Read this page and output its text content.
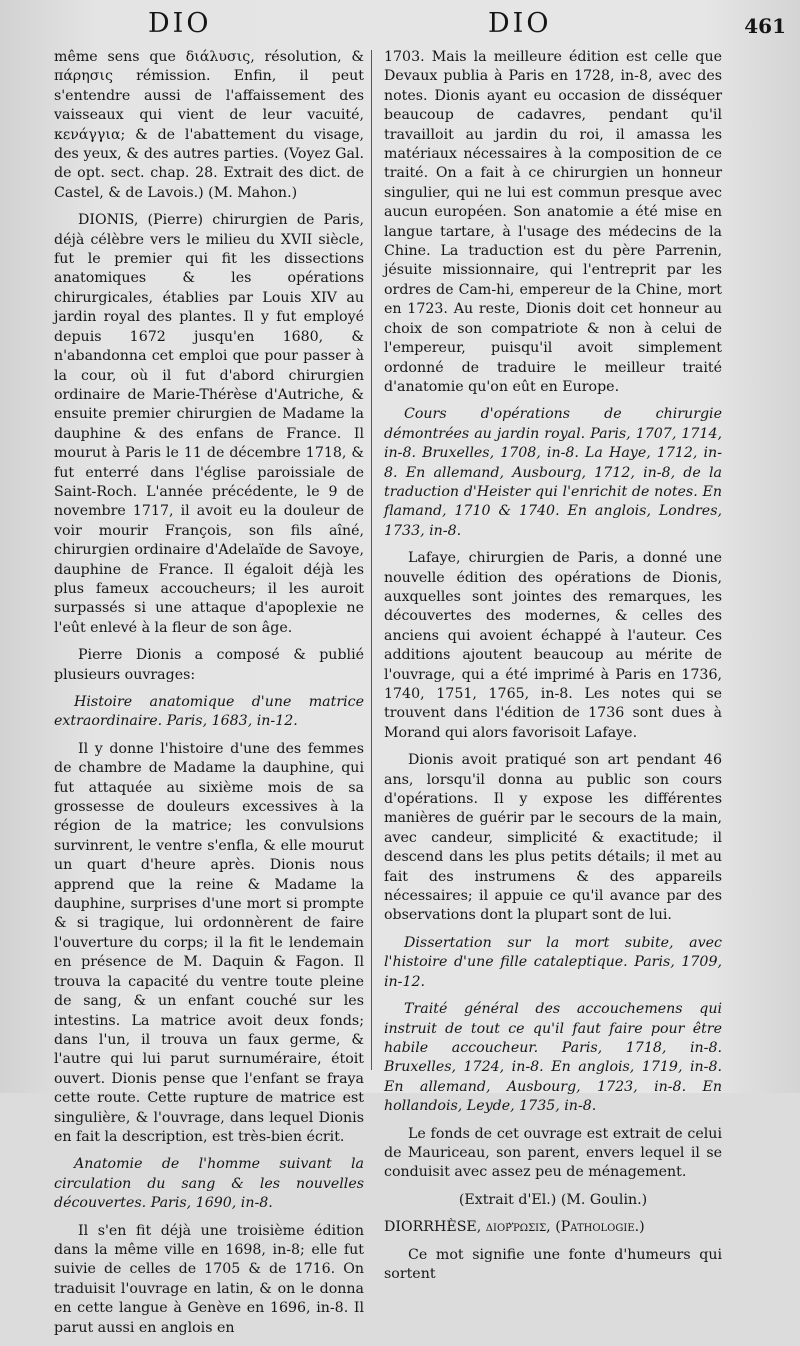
DIO	DIO	461

même sens que διάλυσις, résolution, & πάρησις rémission. Enfin, il peut s'entendre aussi de l'affaissement des vaisseaux qui vient de leur vacuité, κενάγγια; & de l'abattement du visage, des yeux, & des autres parties. (Voyez Gal. de opt. sect. chap. 28. Extrait des dict. de Castel, & de Lavois.) (M. Mahon.)

DIONIS, (Pierre) chirurgien de Paris, déjà célèbre vers le milieu du XVII siècle, fut le premier qui fit les dissections anatomiques & les opérations chirurgicales, établies par Louis XIV au jardin royal des plantes. Il y fut employé depuis 1672 jusqu'en 1680, & n'abandonna cet emploi que pour passer à la cour, où il fut d'abord chirurgien ordinaire de Marie-Thérèse d'Autriche, & ensuite premier chirurgien de Madame la dauphine & des enfans de France. Il mourut à Paris le 11 de décembre 1718, & fut enterré dans l'église paroissiale de Saint-Roch. L'année précédente, le 9 de novembre 1717, il avoit eu la douleur de voir mourir François, son fils aîné, chirurgien ordinaire d'Adelaïde de Savoye, dauphine de France. Il égaloit déjà les plus fameux accoucheurs; il les auroit surpassés si une attaque d'apoplexie ne l'eût enlevé à la fleur de son âge.

Pierre Dionis a composé & publié plusieurs ouvrages:

Histoire anatomique d'une matrice extraordinaire. Paris, 1683, in-12.

Il y donne l'histoire d'une des femmes de chambre de Madame la dauphine, qui fut attaquée au sixième mois de sa grossesse de douleurs excessives à la région de la matrice; les convulsions survinrent, le ventre s'enfla, & elle mourut un quart d'heure après. Dionis nous apprend que la reine & Madame la dauphine, surprises d'une mort si prompte & si tragique, lui ordonnèrent de faire l'ouverture du corps; il la fit le lendemain en présence de M. Daquin & Fagon. Il trouva la capacité du ventre toute pleine de sang, & un enfant couché sur les intestins. La matrice avoit deux fonds; dans l'un, il trouva un faux germe, & l'autre qui lui parut surnuméraire, étoit ouvert. Dionis pense que l'enfant se fraya cette route. Cette rupture de matrice est singulière, & l'ouvrage, dans lequel Dionis en fait la description, est très-bien écrit.

Anatomie de l'homme suivant la circulation du sang & les nouvelles découvertes. Paris, 1690, in-8.

Il s'en fit déjà une troisième édition dans la même ville en 1698, in-8; elle fut suivie de celles de 1705 & de 1716. On traduisit l'ouvrage en latin, & on le donna en cette langue à Genève en 1696, in-8. Il parut aussi en anglois en

1703. Mais la meilleure édition est celle que Devaux publia à Paris en 1728, in-8, avec des notes. Dionis ayant eu occasion de disséquer beaucoup de cadavres, pendant qu'il travailloit au jardin du roi, il amassa les matériaux nécessaires à la composition de ce traité. On a fait à ce chirurgien un honneur singulier, qui ne lui est commun presque avec aucun européen. Son anatomie a été mise en langue tartare, à l'usage des médecins de la Chine. La traduction est du père Parrenin, jésuite missionnaire, qui l'entreprit par les ordres de Cam-hi, empereur de la Chine, mort en 1723. Au reste, Dionis doit cet honneur au choix de son compatriote & non à celui de l'empereur, puisqu'il avoit simplement ordonné de traduire le meilleur traité d'anatomie qu'on eût en Europe.

Cours d'opérations de chirurgie démontrées au jardin royal. Paris, 1707, 1714, in-8. Bruxelles, 1708, in-8. La Haye, 1712, in-8. En allemand, Ausbourg, 1712, in-8, de la traduction d'Heister qui l'enrichit de notes. En flamand, 1710 & 1740. En anglois, Londres, 1733, in-8.

Lafaye, chirurgien de Paris, a donné une nouvelle édition des opérations de Dionis, auxquelles sont jointes des remarques, les découvertes des modernes, & celles des anciens qui avoient échappé à l'auteur. Ces additions ajoutent beaucoup au mérite de l'ouvrage, qui a été imprimé à Paris en 1736, 1740, 1751, 1765, in-8. Les notes qui se trouvent dans l'édition de 1736 sont dues à Morand qui alors favorisoit Lafaye.

Dionis avoit pratiqué son art pendant 46 ans, lorsqu'il donna au public son cours d'opérations. Il y expose les différentes manières de guérir par le secours de la main, avec candeur, simplicité & exactitude; il descend dans les plus petits détails; il met au fait des instrumens & des appareils nécessaires; il appuie ce qu'il avance par des observations dont la plupart sont de lui.

Dissertation sur la mort subite, avec l'histoire d'une fille cataleptique. Paris, 1709, in-12.

Traité général des accouchemens qui instruit de tout ce qu'il faut faire pour être habile accoucheur. Paris, 1718, in-8. Bruxelles, 1724, in-8. En anglois, 1719, in-8. En allemand, Ausbourg, 1723, in-8. En hollandois, Leyde, 1735, in-8.

Le fonds de cet ouvrage est extrait de celui de Mauriceau, son parent, envers lequel il se conduisit avec assez peu de ménagement.

(Extrait d'El.) (M. Goulin.)

DIORRHÈSE, διοῤῥωσις, (Pathologie.)

Ce mot signifie une fonte d'humeurs qui sortent
